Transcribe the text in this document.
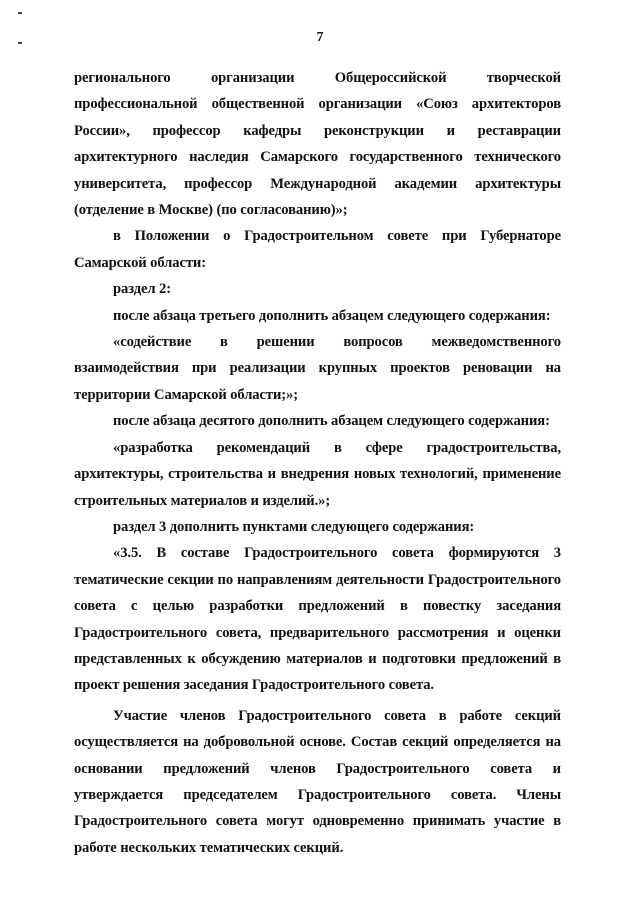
7

регионального организации Общероссийской творческой профессиональной общественной организации «Союз архитекторов России», профессор кафедры реконструкции и реставрации архитектурного наследия Самарского государственного технического университета, профессор Международной академии архитектуры (отделение в Москве) (по согласованию)»;

в Положении о Градостроительном совете при Губернаторе Самарской области:

раздел 2:

после абзаца третьего дополнить абзацем следующего содержания:

«содействие в решении вопросов межведомственного взаимодействия при реализации крупных проектов реновации на территории Самарской области;»;

после абзаца десятого дополнить абзацем следующего содержания:

«разработка рекомендаций в сфере градостроительства, архитектуры, строительства и внедрения новых технологий, применение строительных материалов и изделий.»;

раздел 3 дополнить пунктами следующего содержания:

«3.5. В составе Градостроительного совета формируются 3 тематические секции по направлениям деятельности Градостроительного совета с целью разработки предложений в повестку заседания Градостроительного совета, предварительного рассмотрения и оценки представленных к обсуждению материалов и подготовки предложений в проект решения заседания Градостроительного совета.

Участие членов Градостроительного совета в работе секций осуществляется на добровольной основе. Состав секций определяется на основании предложений членов Градостроительного совета и утверждается председателем Градостроительного совета. Члены Градостроительного совета могут одновременно принимать участие в работе нескольких тематических секций.
